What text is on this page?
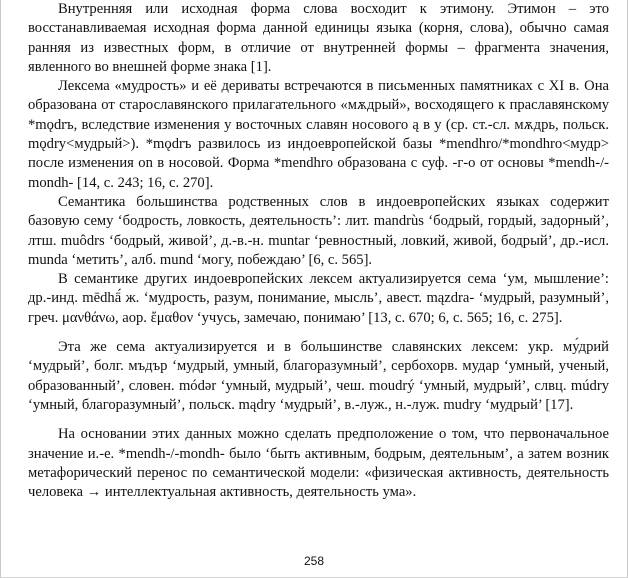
Внутренняя или исходная форма слова восходит к этимону. Этимон – это восстанавливаемая исходная форма данной единицы языка (корня, слова), обычно самая ранняя из известных форм, в отличие от внутренней формы – фрагмента значения, явленного во внешней форме знака [1].

Лексема «мудрость» и её дериваты встречаются в письменных памятниках с XI в. Она образована от старославянского прилагательного «мѫдрый», восходящего к праславянскому *mǫdrъ, вследствие изменения у восточных славян носового ą в у (ср. ст.-сл. мѫдрь, польск. mǫdry<мудрый>). *mǫdrъ развилось из индоевропейской базы *mendhro/*mondhro<мудр> после изменения on в носовой. Форма *mendhro образована с суф. -г-о от основы *mendh-/-mondh- [14, c. 243; 16, c. 270].

Семантика большинства родственных слов в индоевропейских языках содержит базовую сему ‘бодрость, ловкость, деятельность’: лит. mandrùs ‘бодрый, гордый, задорный’, лтш. muôdrs ‘бодрый, живой’, д.-в.-н. muntar ‘ревностный, ловкий, живой, бодрый’, др.-исл. munda ‘метить’, алб. mund ‘могу, побеждаю’ [6, c. 565].

В семантике других индоевропейских лексем актуализируется сема ‘ум, мышление’: др.-инд. mēdhā́ ж. ‘мудрость, разум, понимание, мысль’, авест. mązdra- ‘мудрый, разумный’, греч. μανθάνω, аор. ἔμαθον ‘учусь, замечаю, понимаю’ [13, c. 670; 6, c. 565; 16, c. 275].

Эта же сема актуализируется и в большинстве славянских лексем: укр. му́дрий ‘мудрый’, болг. мъдър ‘мудрый, умный, благоразумный’, сербохорв. мудар ‘умный, ученый, образованный’, словен. módǝr ‘умный, мудрый’, чеш. moudrý ‘умный, мудрый’, слвц. múdry ‘умный, благоразумный’, польск. mądry ‘мудрый’, в.-луж., н.-луж. mudry ‘мудрый’ [17].

На основании этих данных можно сделать предположение о том, что первоначальное значение и.-е. *mendh-/-mondh- было ‘быть активным, бодрым, деятельным’, а затем возник метафорический перенос по семантической модели: «физическая активность, деятельность человека → интеллектуальная активность, деятельность ума».

258
